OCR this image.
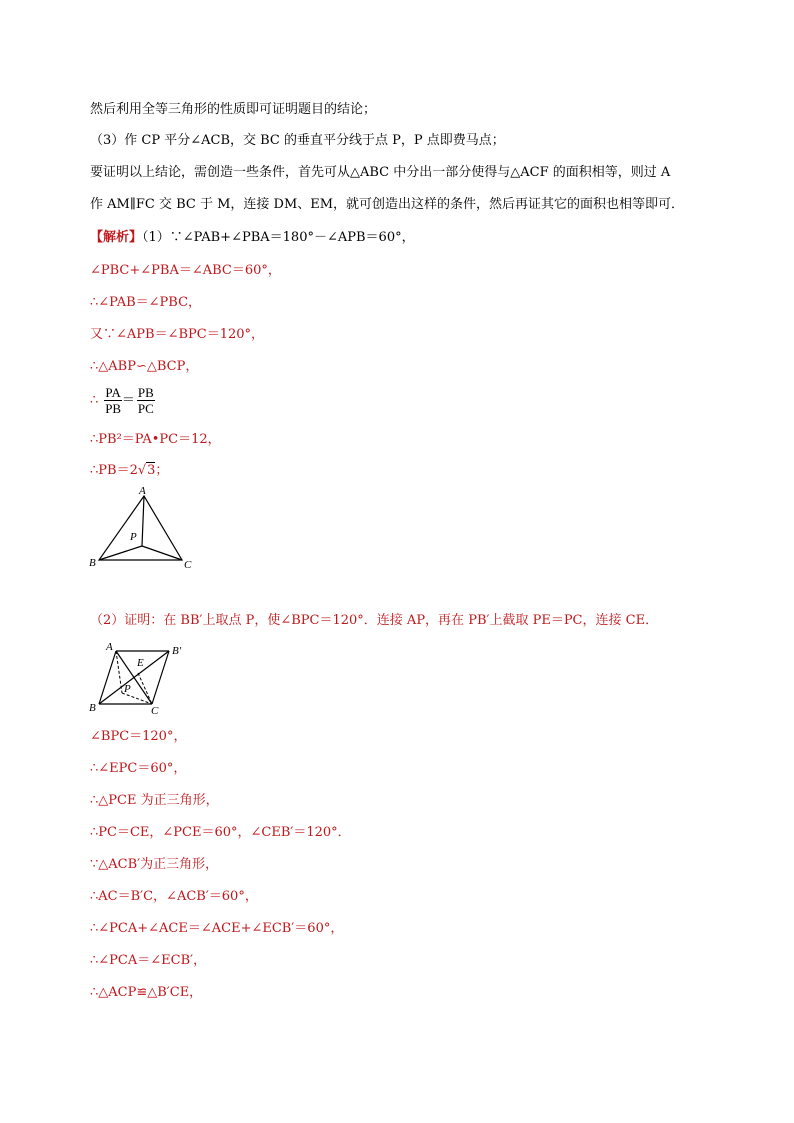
然后利用全等三角形的性质即可证明题目的结论；
（3）作 CP 平分∠ACB，交 BC 的垂直平分线于点 P，P 点即费马点；
要证明以上结论，需创造一些条件，首先可从△ABC 中分出一部分使得与△ACF 的面积相等，则过 A
作 AM∥FC 交 BC 于 M，连接 DM、EM，就可创造出这样的条件，然后再证其它的面积也相等即可．
【解析】（1）∵∠PAB+∠PBA＝180°－∠APB＝60°，
∠PBC+∠PBA＝∠ABC＝60°，
∴∠PAB＝∠PBC，
又∵∠APB＝∠BPC＝120°，
∴△ABP∽△BCP，
∴ $\frac{PA}{PB} = \frac{PB}{PC}$
∴PB²＝PA•PC＝12，
∴PB＝2√3；
A
B	C
P
（2）证明：在 BB′上取点 P，使∠BPC＝120°．连接 AP，再在 PB′上截取 PE＝PC，连接 CE．
A	B'
E
P
B	C
∠BPC＝120°，
∴∠EPC＝60°，
∴△PCE 为正三角形，
∴PC＝CE，∠PCE＝60°，∠CEB′＝120°．
∵△ACB′为正三角形，
∴AC＝B′C，∠ACB′＝60°，
∴∠PCA+∠ACE＝∠ACE+∠ECB′＝60°，
∴∠PCA＝∠ECB′，
∴△ACP≌△B′CE，
